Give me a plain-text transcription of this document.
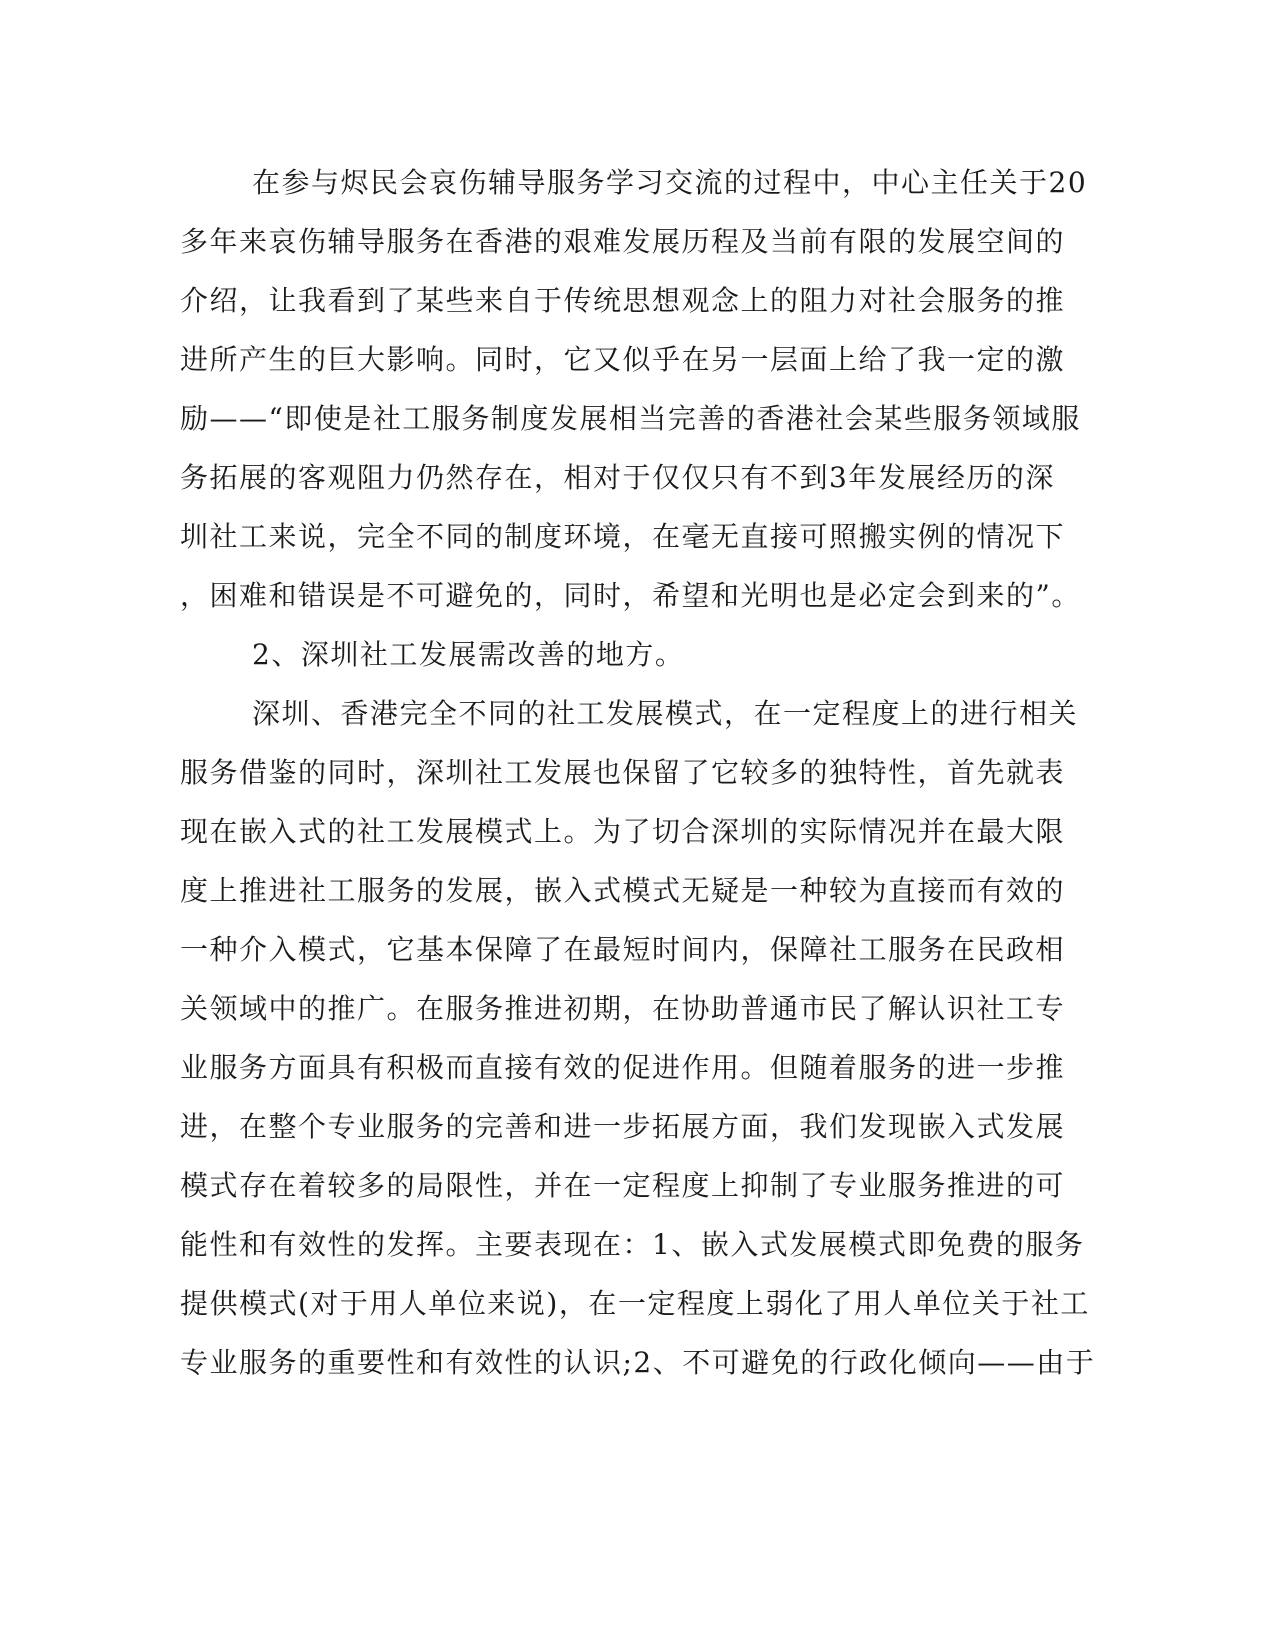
在参与烬民会哀伤辅导服务学习交流的过程中，中心主任关于20
多年来哀伤辅导服务在香港的艰难发展历程及当前有限的发展空间的
介绍，让我看到了某些来自于传统思想观念上的阻力对社会服务的推
进所产生的巨大影响。同时，它又似乎在另一层面上给了我一定的激
励——“即使是社工服务制度发展相当完善的香港社会某些服务领域服
务拓展的客观阻力仍然存在，相对于仅仅只有不到3年发展经历的深
圳社工来说，完全不同的制度环境，在毫无直接可照搬实例的情况下
，困难和错误是不可避免的，同时，希望和光明也是必定会到来的”。
2、深圳社工发展需改善的地方。
深圳、香港完全不同的社工发展模式，在一定程度上的进行相关
服务借鉴的同时，深圳社工发展也保留了它较多的独特性，首先就表
现在嵌入式的社工发展模式上。为了切合深圳的实际情况并在最大限
度上推进社工服务的发展，嵌入式模式无疑是一种较为直接而有效的
一种介入模式，它基本保障了在最短时间内，保障社工服务在民政相
关领域中的推广。在服务推进初期，在协助普通市民了解认识社工专
业服务方面具有积极而直接有效的促进作用。但随着服务的进一步推
进，在整个专业服务的完善和进一步拓展方面，我们发现嵌入式发展
模式存在着较多的局限性，并在一定程度上抑制了专业服务推进的可
能性和有效性的发挥。主要表现在：1、嵌入式发展模式即免费的服务
提供模式(对于用人单位来说)，在一定程度上弱化了用人单位关于社工
专业服务的重要性和有效性的认识;2、不可避免的行政化倾向——由于
